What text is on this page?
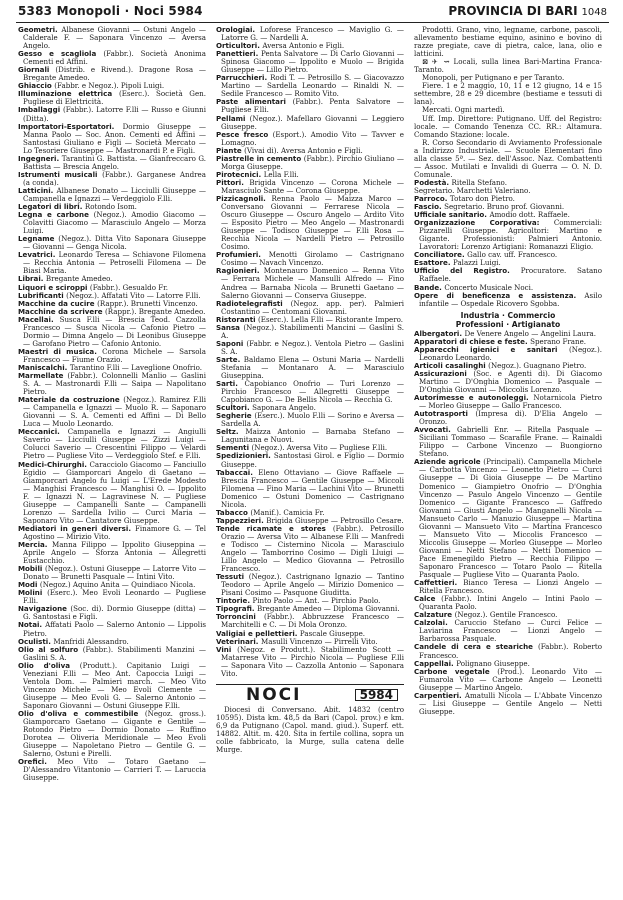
5383 Monopoli · Noci 5984	PROVINCIA DI BARI 1048

Geometri. Albanese Giovanni — Ostuni Angelo — Calderale F. — Saponara Vincenzo — Aversa Angelo.

Gesso e scagliola (Fabbr.). Società Anonima Cementi ed Affini.

Giornali (Distrib. e Rivend.). Dragone Rosa — Bregante Amedeo.

Ghiaccio (Fabbr. e Negoz.). Pipoli Luigi.

Illuminazione elettrica (Eserc.). Società Gen. Pugliese di Elettricità.

Imballaggi (Fabbr.). Latorre F.lli — Russo e Giunni (Ditta).

Importatori-Esportatori. Dormio Giuseppe — Manna Paolo — Soc. Anon. Cementi ed Affini — Santostasi Giuliano e Figli — Società Mercato — Lo Tesoriere Giuseppe — Mastronardi P. e Figli.

Ingegneri. Tarantini G. Battista. — Gianfreccaro G. Battista — Brescia Angelo.

Istrumenti musicali (Fabbr.). Garganese Andrea (a conda).

Latticini. Albanese Donato — Licciulli Giuseppe — Campanella e Ignazzi — Verdeggiolo F.lli.

Legatori di libri. Rotondo Isom.

Legna e carbone (Negoz.). Amodio Giacomo — Colavitti Giacomo — Marasciulo Angelo — Morza Luigi.

Legname (Negoz.). Ditta Vito Saponara Giuseppe — Giovanni — Genga Nicola.

Levatrici. Leonardo Teresa — Schiavone Filomena — Recchia Antonia — Petroselli Filomena — De Biasi Maria.

Librai. Bregante Amedeo.

Liquori e sciroppi (Fabbr.). Gesualdo Fr.

Lubrificanti (Negoz.). Affatati Vito — Latorre F.lli.

Macchine da cucire (Rappr.). Brunetti Vincenzo.

Macchine da scrivere (Rappr.). Bregante Amedeo.

Macellai. Susca F.lli — Brescia Teod. Cazzolla Francesco — Susca Nicola — Cafonio Pietro — Dormio — Dimna Angelo — Di Leonibus Giuseppe — Garofano Pietro — Cafonio Antonio.

Maestri di musica. Corona Michele — Sarsola Francesco — Fiume Orazio.

Maniscalchi. Tarantino F.lli — Laveglione Onofrio.

Marmellate (Fabbr.). Colonnelli Manlio — Gaslini S. A. — Mastronardi F.lli — Saipa — Napolitano Pietro.

Materiale da costruzione (Negoz.). Ramirez F.lli — Campanella e Ignazzi — Muolo R. — Saponaro Giovanni — S. A. Cementi ed Affini — Di Bello Luca — Muolo Leonardo.

Meccanici. Campanella e Ignazzi — Angiulli Saverio — Licciulli Giuseppe — Zizzi Luigi — Colucci Saverio — Crescentini Filippo — Velardi Pietro — Pugliese Vito — Verdeggiolo Stef. e F.lli.

Medici-Chirurghi. Caracciolo Giacomo — Fanciullo Egidio — Giamporcari Angelo di Gaetano — Giamporcari Angelo fu Luigi — L'Erede Modesto — Manghisi Francesco — Manghisi O. — Ippolito F. — Ignazzi N. — Lagravinese N. — Pugliese Giuseppe — Campanelli Sante — Campanelli Lorenzo — Sardella Ivilio — Curci Maria — Saponaro Vito — Cantatore Giuseppe.

Mediatori in generi diversi. Finamore G. — Tel Agostino — Mirizio Vito.

Mercia. Manna Filippo — Ippolito Giuseppina — Aprile Angelo — Sforza Antonia — Allegretti Eustacchio.

Mobili (Negoz.). Ostuni Giuseppe — Latorre Vito — Donato — Brunetti Pasquale — Intini Vito.

Modi (Negoz.) Aquino Anita — Quindiaco Nicola.

Molini (Eserc.). Meo Evoli Leonardo — Pugliese F.lli.

Navigazione (Soc. di). Dormio Giuseppe (ditta) — G. Santostasi e Figli.

Notai. Affatati Paolo — Salerno Antonio — Lippolis Pietro.

Oculisti. Manfridi Alessandro.

Olio al solfuro (Fabbr.). Stabilimenti Manzini — Gaslini S. A.

Olio d'oliva (Produtt.). Capitanio Luigi — Veneziani F.lli — Meo Ant. Capoccia Luigi — Ventola Dom. — Palmieri march. — Meo Vito Vincenzo Michele — Meo Evoli Clemente — Giuseppe — Meo Evoli G. — Salerno Antonio — Saponaro Giovanni — Ostuni Giuseppe F.lli.

Olio d'oliva e commestibile (Negoz. gross.). Giamporcaro Gaetano — Gigante e Gentile — Rotondo Pietro — Dormio Donato — Ruffino Dorotea — Oliveria Meridionale — Meo Evoli Giuseppe — Napoletano Pietro — Gentile G. — Salerno, Ostuni e Pirelli.

Orefici. Meo Vito — Totaro Gaetano — D'Alessandro Vitantonio — Carrieri T. — Laruccia Giuseppe.

Orologiai. Loforese Francesco — Maviglio G. — Latorre G. — Nardelli A.

Orticultori. Aversa Antonio e Figli.

Panettieri. Penta Salvatore — Di Carlo Giovanni — Spinosa Giacomo — Ippolito e Muolo — Brigida Giuseppe — Lillo Pietro.

Parrucchieri. Rodi T. — Petrosillo S. — Giacovazzo Martino — Sardella Leonardo — Rinaldi N. — Sedile Francesco — Romito Vito.

Paste alimentari (Fabbr.). Penta Salvatore — Pugliese F.lli.

Pellami (Negoz.). Mafellaro Giovanni — Leggiero Giuseppe.

Pesce fresco (Esport.). Amodio Vito — Tavver e Lomagno.

Piante (Vivai di). Aversa Antonio e Figli.

Piastrelle in cemento (Fabbr.). Pirchio Giuliano — Morga Giuseppe.

Pirotecnici. Lella F.lli.

Pittori. Brigida Vincenzo — Corona Michele — Marasciulo Sante — Corona Giuseppe.

Pizzicagnoli. Renna Paolo — Maizza Marco — Conversano Giovanni — Ferrarese Nicola — Oscuro Giuseppe — Oscuro Angelo — Ardito Vito — Esposito Pietro — Meo Angelo — Mastronardi Giuseppe — Todisco Giuseppe — F.lli Rosa — Recchia Nicola — Nardelli Pietro — Petrosillo Cosimo.

Profumieri. Menotti Girolamo — Castrignano Cosimo — Navach Vincenzo.

Ragionieri. Montenauro Domenico — Renna Vito — Ferrara Michele — Mansulli Alfredo — Fino Andrea — Barnaba Nicola — Brunetti Gaetano — Salerno Giovanni — Conserva Giuseppe.

Radiotelegrafisti (Negoz. app. per). Palmieri Costantino — Centomani Giovanni.

Ristoranti (Eserc.). Lella F.lli — Ristorante Impero.

Sansa (Negoz.). Stabilimenti Mancini — Gaslini S. A.

Saponi (Fabbr. e Negoz.). Ventola Pietro — Gaslini S. A.

Sarte. Baldamo Elena — Ostuni Maria — Nardelli Stefania — Montanaro A. — Marasciulo Giuseppina.

Sarti. Capobianco Onofrio — Turi Lorenzo — Pirchio Francesco — Allegretti Giuseppe — Capobianco G. — De Bellis Nicola — Recchia G.

Scultori. Saponara Angelo.

Segherie (Eserc.). Muolo F.lli — Sorino e Aversa — Sardella A.

Seltz. Maizza Antonio — Barnaba Stefano — Lagunitana e Nuovi.

Sementi (Negoz.). Aversa Vito — Pugliese F.lli.

Spedizionieri. Santostasi Girol. e Figlio — Dormio Giuseppe.

Tabaccai. Eleno Ottaviano — Giove Raffaele — Brescia Francesco — Gentile Giuseppe — Miccoli Filomena — Fino Maria — Lachini Vito — Brunetti Domenico — Ostuni Domenico — Castrignano Nicola.

Tabacco (Manif.). Camicia Fr.

Tappezzieri. Brigida Giuseppe — Petrosillo Cesare.

Tende ricamate e stores (Fabbr.). Petrosillo Orazio — Aversa Vito — Albanese F.lli — Manfredi e Todisco — Cisternino Nicola — Marasciulo Angelo — Tamborrino Cosimo — Digli Lluigi — Lillo Angelo — Medico Giovanna — Petrosillo Francesco.

Tessuti (Negoz.). Castrignano Ignazio — Tantino Teodoro — Aprile Angelo — Mirizio Domenico — Pisani Cosimo — Pasquone Giuditta.

Tintorie. Pinto Paolo — Ant. — Pirchio Paolo.

Tipografi. Bregante Amedeo — Diploma Giovanni.

Torroncini (Fabbr.). Abbruzzese Francesco — Marchitelli e C. — Di Mola Oronzo.

Valigiai e pellettieri. Pascale Giuseppe.

Veterinari. Masulli Vincenzo — Pirrelli Vito.

Vini (Negoz. e Produtt.). Stabilimento Scott — Matarrese Vito — Pirchio Nicola — Pugliese F.lli — Saponara Vito — Cazzolla Antonio — Saponara Vito.

NOCI	5984

Diocesi di Conversano. Abit. 14832 (centro 10595). Dista km. 48,5 da Bari (Capol. prov.) e km. 6,9 da Putignano (Capol. mand. giud.). Superf. ett. 14882. Altit. m. 420. Sita in fertile collina, sopra un colle fabbricato, la Murge, sulla catena delle Murge.

Prodotti. Grano, vino, legname, carbone, pascoli, allevamento bestiame equino, asinino e bovino di razze pregiate, cave di pietra, calce, lana, olio e latticini.

⊠ ✈ ⇝ Locali, sulla linea Bari-Martina Franca-Taranto.

Monopoli, per Putignano e per Taranto.

Fiere. 1 e 2 maggio, 10, 11 e 12 giugno, 14 e 15 settembre, 28 e 29 dicembre (bestiame e tessuti di lana).

Mercati. Ogni martedì.

Uff. Imp. Direttore: Putignano. Uff. del Registro: locale. — Comando Tenenza CC. RR.: Altamura. Comando Stazione: locale.

R. Corso Secondario di Avviamento Professionale a Indirizzo Industriale. — Scuole Elementari fino alla classe 5ª. — Sez. dell'Assoc. Naz. Combattenti — Assoc. Mutilati e Invalidi di Guerra — O. N. D. Comunale.

Podestà. Ritella Stefano.

Segretario. Marchetti Valeriano.

Parroco. Totaro don Pietro.

Fascio. Segretario. Bruno prof. Giovanni.

Ufficiale sanitario. Amodio dott. Raffaele.

Organizzazione Corporativa: Commerciali: Pizzarelli Giuseppe. Agricoltori: Martino e Gigante. Professionisti: Palmieri Antonio. Lavoratori: Lorenzo Artigiani: Romanazzi Eligio.

Conciliatore. Gallo cav. uff. Francesco.

Esattore. Palazzi Luigi.

Ufficio del Registro. Procuratore. Satano Raffaele.

Bande. Concerto Musicale Noci.

Opere di beneficenza e assistenza. Asilo infantile — Ospedale Ricovero Sgobba.

Industria · Commercio
Professioni · Artigianato

Albergatori. De Venere Angelo — Angelini Laura.

Apparatori di chiese e feste. Sperano Frane.

Apparecchi igienici e sanitari (Negoz.). Leonardo Leonardo.

Articoli casalinghi (Negoz.). Guagnano Pietro.

Assicurazioni (Soc. e Agenti di). Di Giacomo Martino — D'Onghia Domenico — Pasquale — D'Onghia Giovanni — Miccolis Lorenzo.

Autorimesse e autonoleggi. Notarnicola Pietro — Morleo Giuseppe — Gallo Francesco.

Autotrasporti (Impresa di). D'Elia Angelo — Oronzo.

Avvocati. Gabrielli Enr. — Ritella Pasquale — Siciliani Tommaso — Scarafile Frane. — Rainaldi Filippo — Carbone Vincenzo — Buongiorno Stefano.

Aziende agricole (Principali). Campanella Michele — Carbotta Vincenzo — Leonetto Pietro — Curci Giuseppe — Di Gioia Giuseppe — De Martino Domenico — Giampietro Onofrio — D'Onghia Vincenzo — Pasulo Angelo Vincenzo — Gentile Domenico — Gigante Francesco — Gaffredo Giovanni — Giusti Angelo — Manganelli Nicola — Mansueto Carlo — Manuzio Giuseppe — Martina Giovanni — Mansueto Vito — Martina Francesco — Mansueto Vito — Miccolis Francesco — Miccolis Giuseppe — Morleo Giuseppe — Morleo Giovanni — Netti Stefano — Netti Domenico — Pace Emenegildo Pietro — Recchia Filippo — Saponaro Francesco — Totaro Paolo — Ritella Pasquale — Pugliese Vito — Quaranta Paolo.

Caffettieri. Bianco Teresa — Lionzi Angelo — Ritella Francesco.

Calce (Fabbr.). Intini Angelo — Intini Paolo — Quaranta Paolo.

Calzature (Negoz.). Gentile Francesco.

Calzolai. Caruccio Stefano — Curci Felice — Laviarina Francesco — Lionzi Angelo — Barbarossa Pasquale.

Candele di cera e steariche (Fabbr.). Roberto Francesco.

Cappellai. Polignano Giuseppe.

Carbone vegetale (Prod.). Leonardo Vito — Fumarola Vito — Carbone Angelo — Leonetti Giuseppe — Martino Angelo.

Carpentieri. Amatulli Nicola — L'Abbate Vincenzo — Lisi Giuseppe — Gentile Angelo — Netti Giuseppe.
